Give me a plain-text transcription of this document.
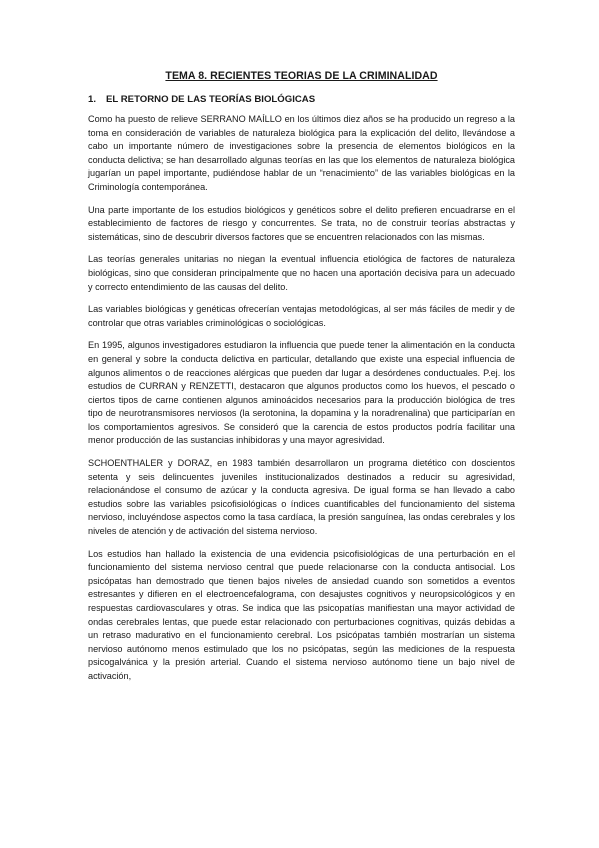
TEMA 8. RECIENTES TEORIAS DE LA CRIMINALIDAD
1.	EL RETORNO DE LAS TEORÍAS BIOLÓGICAS

Como ha puesto de relieve SERRANO MAÍLLO en los últimos diez años se ha producido un regreso a la toma en consideración de variables de naturaleza biológica para la explicación del delito, llevándose a cabo un importante número de investigaciones sobre la presencia de elementos biológicos en la conducta delictiva; se han desarrollado algunas teorías en las que los elementos de naturaleza biológica jugarían un papel importante, pudiéndose hablar de un “renacimiento” de las variables biológicas en la Criminología contemporánea.

Una parte importante de los estudios biológicos y genéticos sobre el delito prefieren encuadrarse en el establecimiento de factores de riesgo y concurrentes. Se trata, no de construir teorías abstractas y sistemáticas, sino de descubrir diversos factores que se encuentren relacionados con las mismas.

Las teorías generales unitarias no niegan la eventual influencia etiológica de factores de naturaleza biológicas, sino que consideran principalmente que no hacen una aportación decisiva para un adecuado y correcto entendimiento de las causas del delito.

Las variables biológicas y genéticas ofrecerían ventajas metodológicas, al ser más fáciles de medir y de controlar que otras variables criminológicas o sociológicas.

En 1995, algunos investigadores estudiaron la influencia que puede tener la alimentación en la conducta en general y sobre la conducta delictiva en particular, detallando que existe una especial influencia de algunos alimentos o de reacciones alérgicas que pueden dar lugar a desórdenes conductuales. P.ej. los estudios de CURRAN y RENZETTI, destacaron que algunos productos como los huevos, el pescado o ciertos tipos de carne contienen algunos aminoácidos necesarios para la producción biológica de tres tipo de neurotransmisores nerviosos (la serotonina, la dopamina y la noradrenalina) que participarían en los comportamientos agresivos. Se consideró que la carencia de estos productos podría facilitar una menor producción de las sustancias inhibidoras y una mayor agresividad.

SCHOENTHALER y DORAZ, en 1983 también desarrollaron un programa dietético con doscientos setenta y seis delincuentes juveniles institucionalizados destinados a reducir su agresividad, relacionándose el consumo de azúcar y la conducta agresiva. De igual forma se han llevado a cabo estudios sobre las variables psicofisiológicas o índices cuantificables del funcionamiento del sistema nervioso, incluyéndose aspectos como la tasa cardíaca, la presión sanguínea, las ondas cerebrales y los niveles de atención y de activación del sistema nervioso.

Los estudios han hallado la existencia de una evidencia psicofisiológicas de una perturbación en el funcionamiento del sistema nervioso central que puede relacionarse con la conducta antisocial. Los psicópatas han demostrado que tienen bajos niveles de ansiedad cuando son sometidos a eventos estresantes y difieren en el electroencefalograma, con desajustes cognitivos y neuropsicológicos y en respuestas cardiovasculares y otras. Se indica que las psicopatías manifiestan una mayor actividad de ondas cerebrales lentas, que puede estar relacionado con perturbaciones cognitivas, quizás debidas a un retraso madurativo en el funcionamiento cerebral. Los psicópatas también mostrarían un sistema nervioso autónomo menos estimulado que los no psicópatas, según las mediciones de la respuesta psicogalvánica y la presión arterial. Cuando el sistema nervioso autónomo tiene un bajo nivel de activación,
